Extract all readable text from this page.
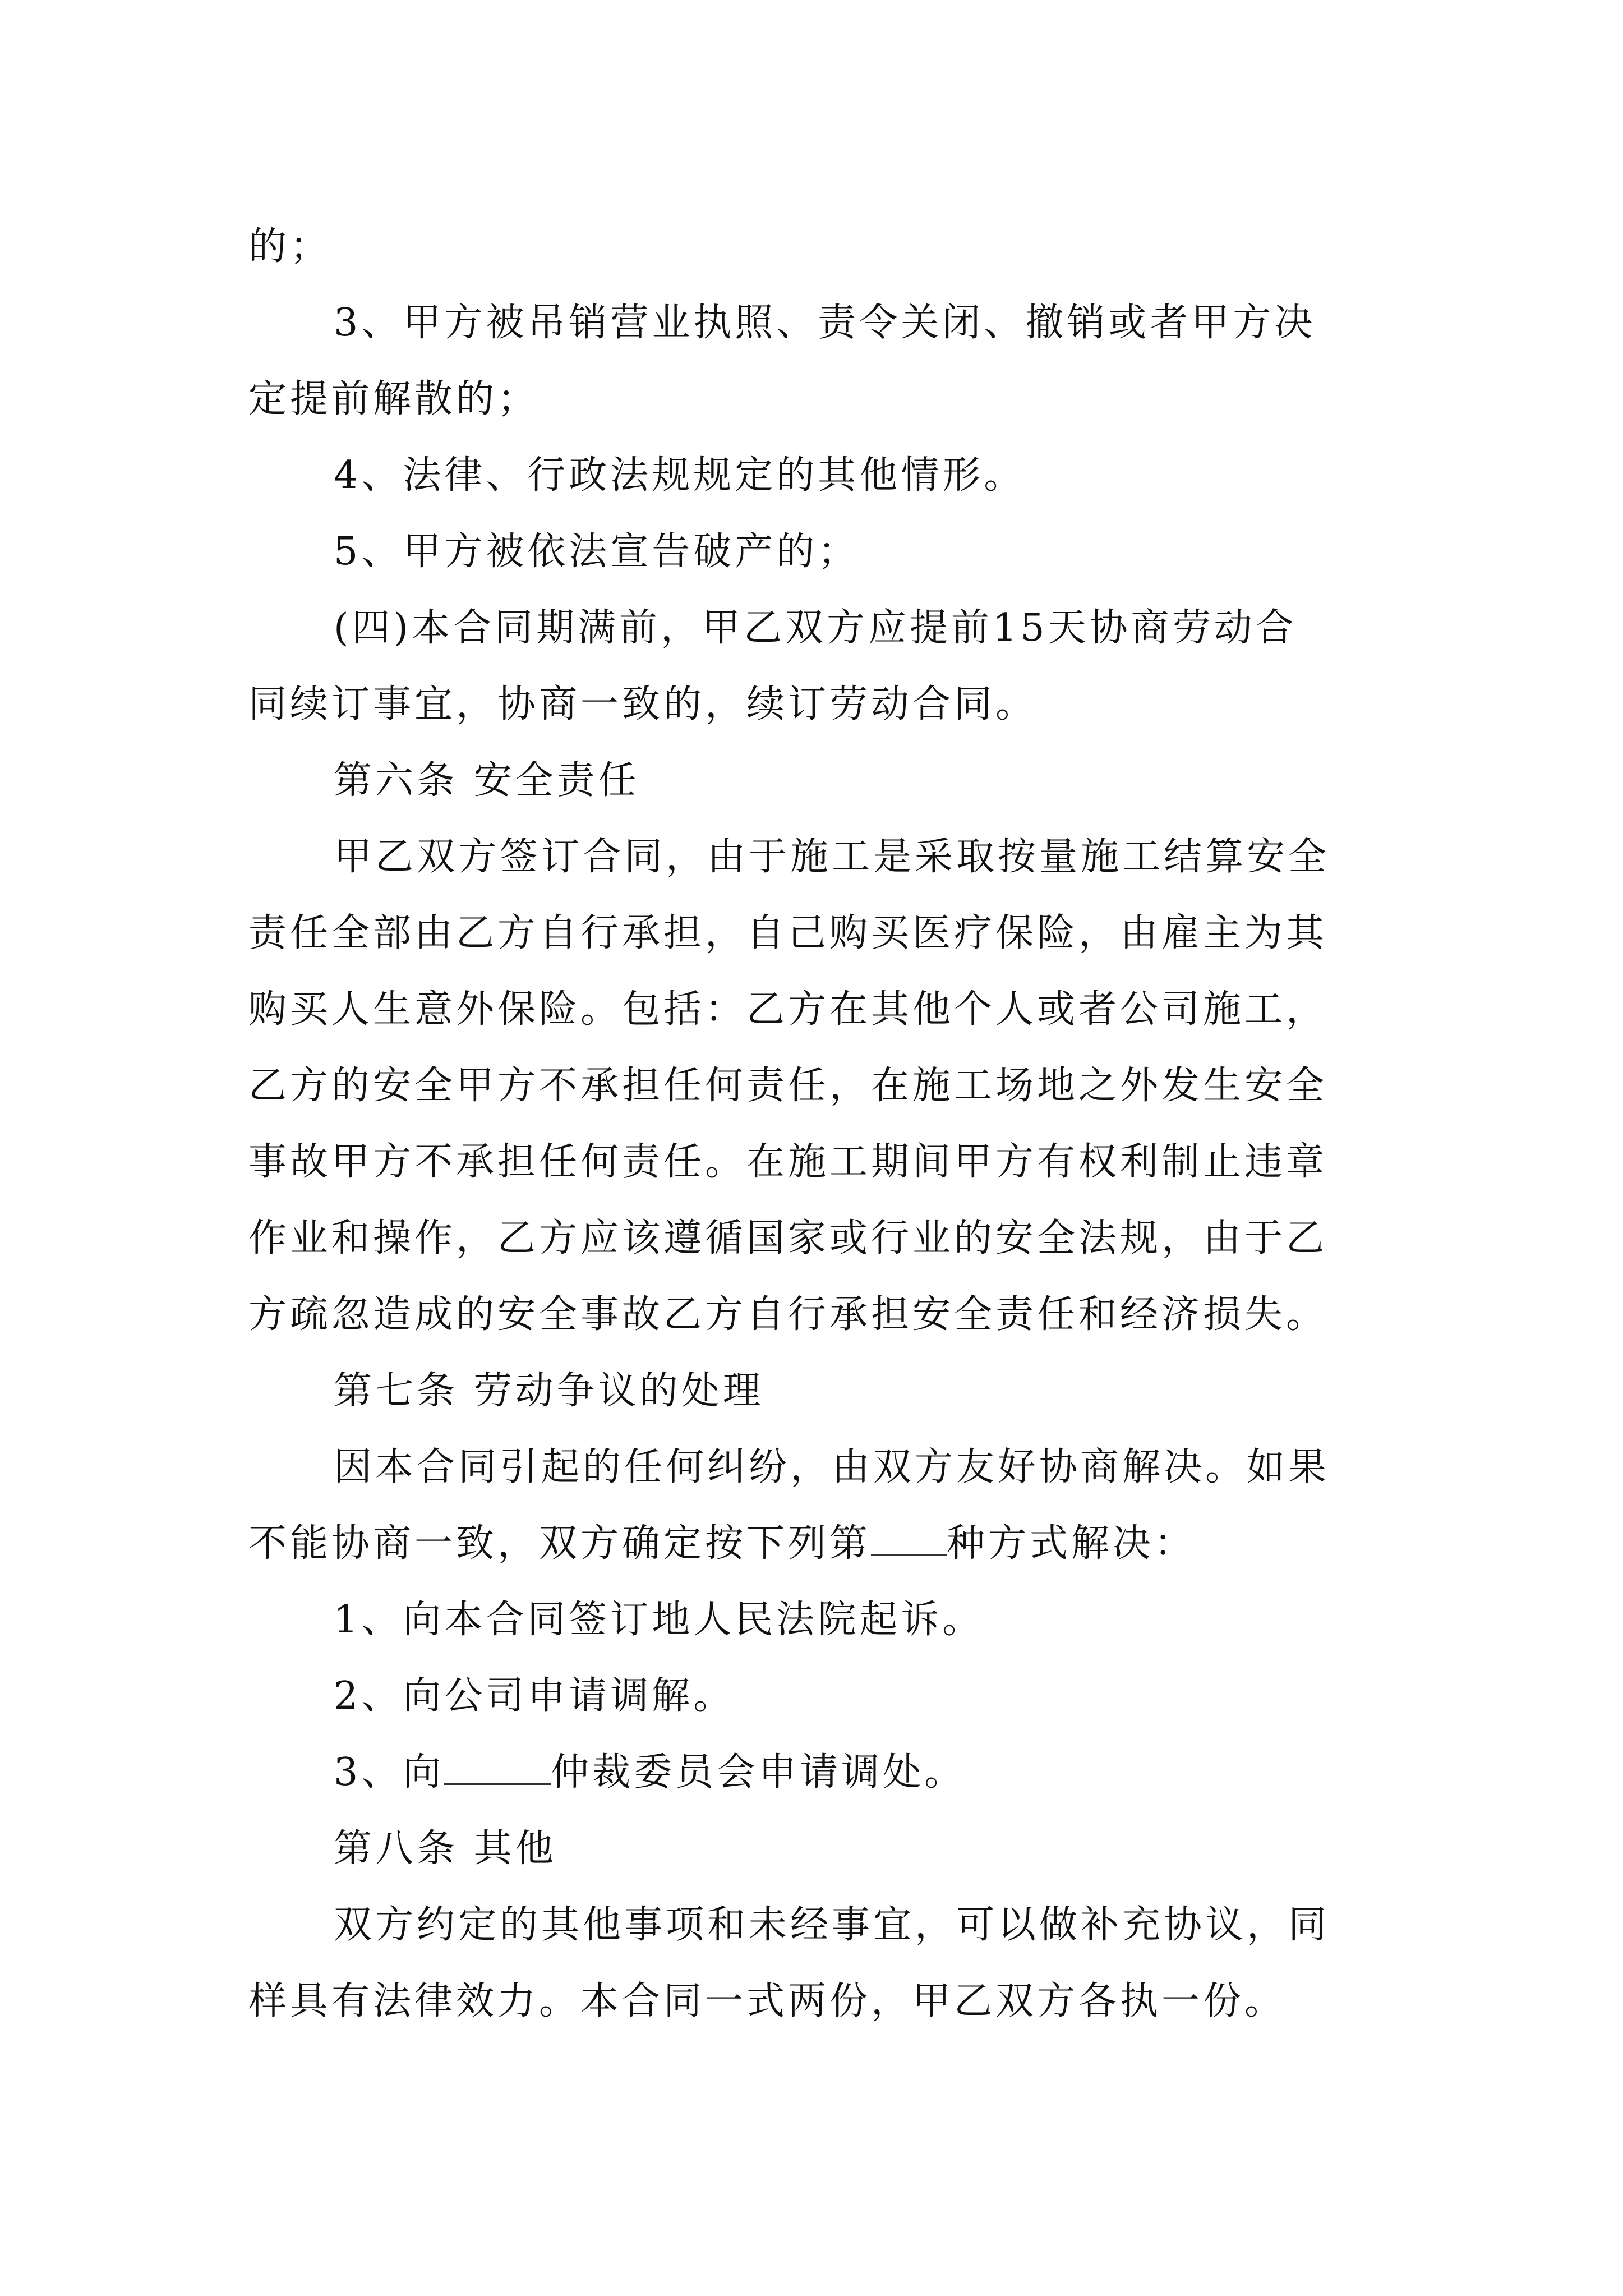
的；
3、甲方被吊销营业执照、责令关闭、撤销或者甲方决
定提前解散的；
4、法律、行政法规规定的其他情形。
5、甲方被依法宣告破产的；
(四)本合同期满前，甲乙双方应提前15天协商劳动合
同续订事宜，协商一致的，续订劳动合同。
第六条 安全责任
甲乙双方签订合同，由于施工是采取按量施工结算安全
责任全部由乙方自行承担，自己购买医疗保险，由雇主为其
购买人生意外保险。包括：乙方在其他个人或者公司施工，
乙方的安全甲方不承担任何责任，在施工场地之外发生安全
事故甲方不承担任何责任。在施工期间甲方有权利制止违章
作业和操作，乙方应该遵循国家或行业的安全法规，由于乙
方疏忽造成的安全事故乙方自行承担安全责任和经济损失。
第七条 劳动争议的处理
因本合同引起的任何纠纷，由双方友好协商解决。如果
不能协商一致，双方确定按下列第 种方式解决：
1、向本合同签订地人民法院起诉。
2、向公司申请调解。
3、向	仲裁委员会申请调处。
第八条 其他
双方约定的其他事项和未经事宜，可以做补充协议，同
样具有法律效力。本合同一式两份，甲乙双方各执一份。
